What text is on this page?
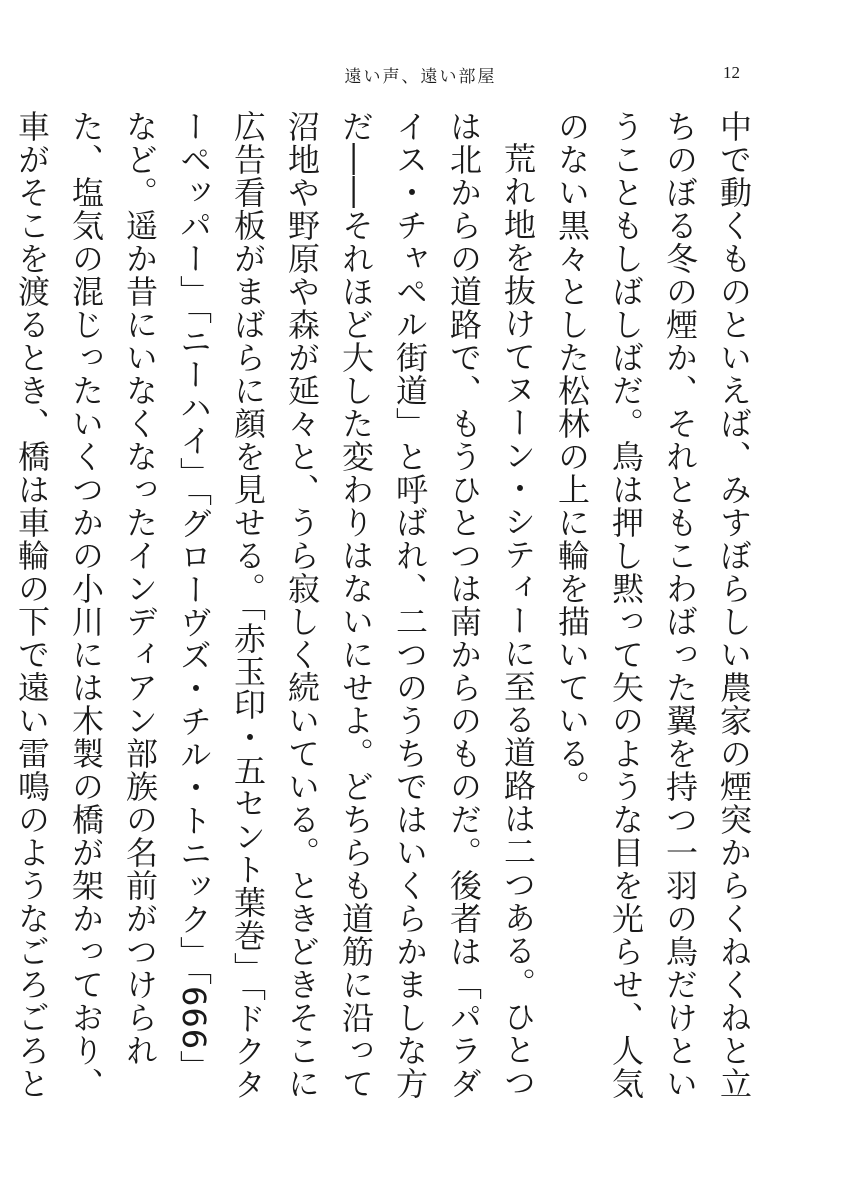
遠い声、遠い部屋	12

中で動くものといえば、みすぼらしい農家の煙突からくねくねと立ちのぼる冬の煙か、それともこわばった翼を持つ一羽の鳥だけということもしばしばだ。鳥は押し黙って矢のような目を光らせ、人気のない黒々とした松林の上に輪を描いている。

荒れ地を抜けてヌーン・シティーに至る道路は二つある。ひとつは北からの道路で、もうひとつは南からのものだ。後者は「パラダイス・チャペル街道」と呼ばれ、二つのうちではいくらかましな方だ――それほど大した変わりはないにせよ。どちらも道筋に沿って沼地や野原や森が延々と、うら寂しく続いている。ときどきそこに広告看板がまばらに顔を見せる。「赤玉印・五セント葉巻」「ドクターペッパー」「ニーハイ」「グローヴズ・チル・トニック」「666」など。遥か昔にいなくなったインディアン部族の名前がつけられた、塩気の混じったいくつかの小川には木製の橋が架かっており、車がそこを渡るとき、橋は車輪の下で遠い雷鳴のようなごろごろと
